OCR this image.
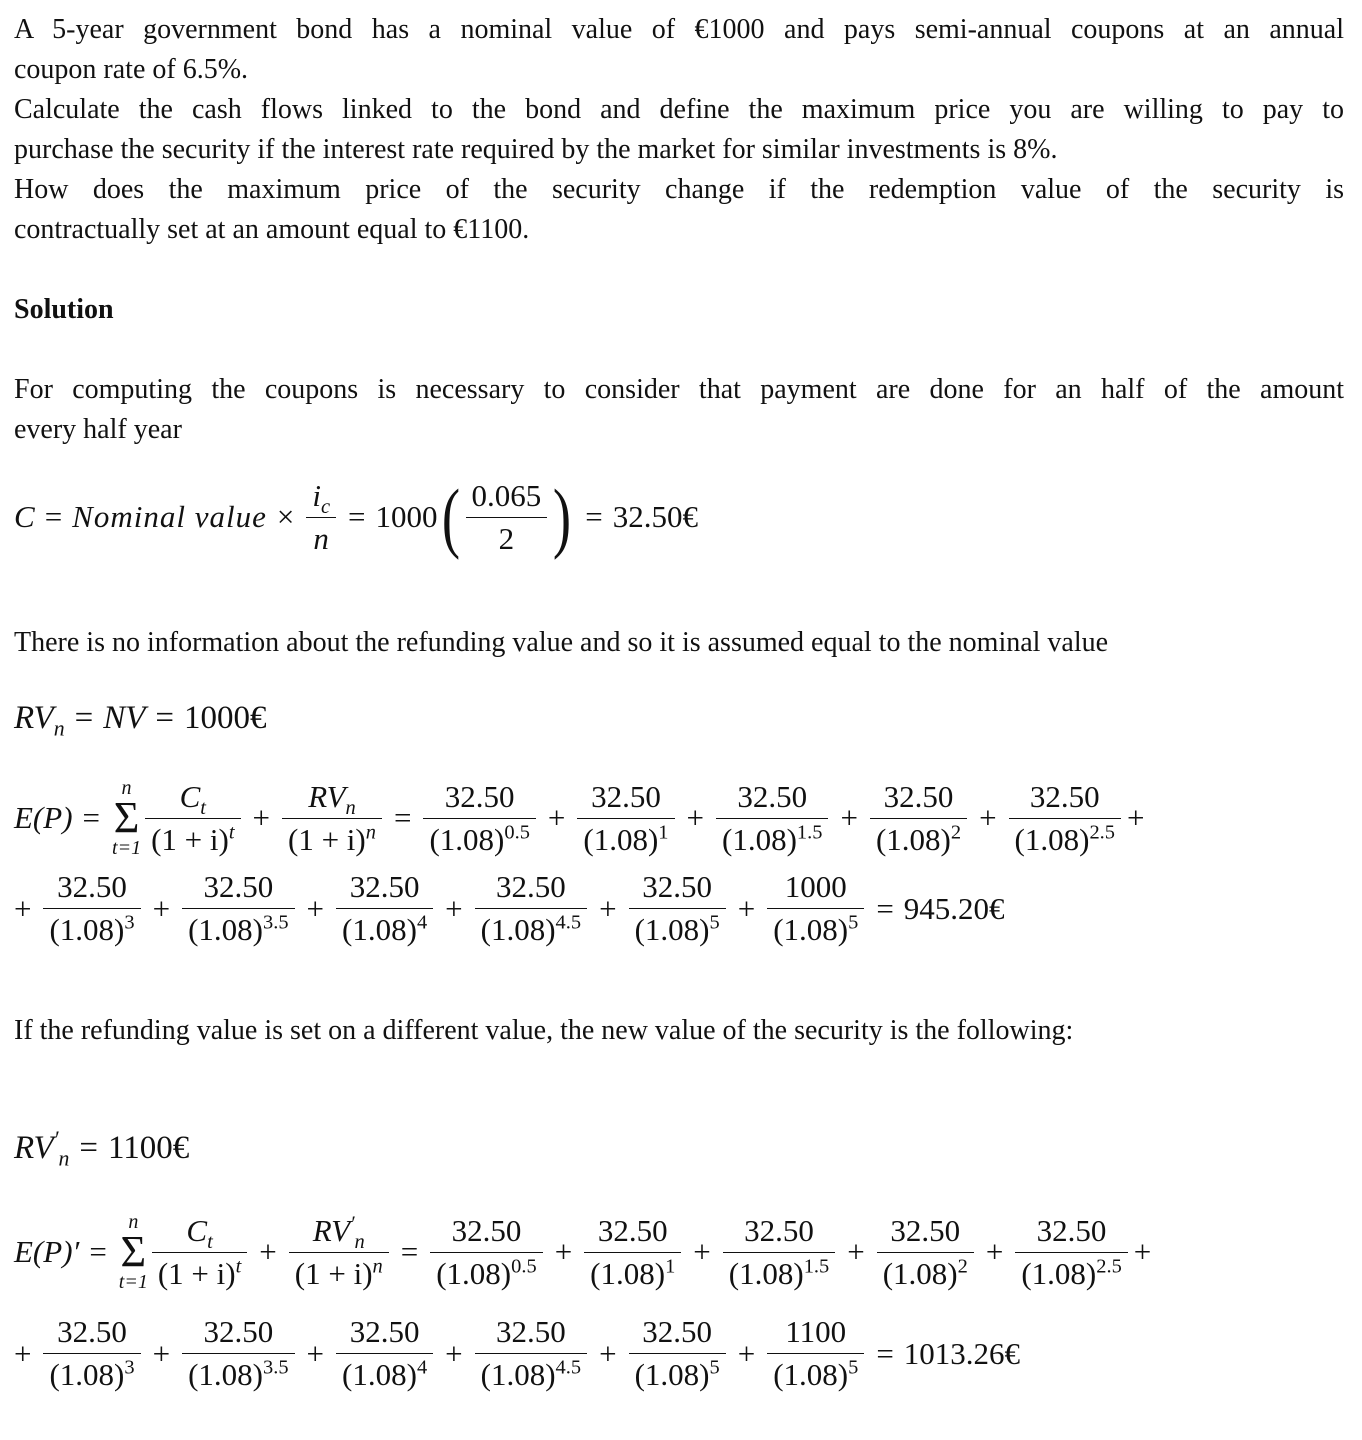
A 5-year government bond has a nominal value of €1000 and pays semi-annual coupons at an annual
coupon rate of 6.5%.
Calculate the cash flows linked to the bond and define the maximum price you are willing to pay to
purchase the security if the interest rate required by the market for similar investments is 8%.
How does the maximum price of the security change if the redemption value of the security is
contractually set at an amount equal to €1100.
Solution
For computing the coupons is necessary to consider that payment are done for an half of the amount
every half year
C = Nominal value × $\frac{i_c}{n} = 1000$ ( $\frac{0.065}{2}$ ) = 32.50€
There is no information about the refunding value and so it is assumed equal to the nominal value
$RV_n$ = NV = 1000€
E(P) =
n
Σ
$t=1 \frac{C_t}{(1 + i)^t} + \frac{RV_n}{(1 + i)^n} = \frac{32.50}{(1.08)^{0.5}} + \frac{32.50}{(1.08)^1} + \frac{32.50}{(1.08)^{1.5}} + \frac{32.50}{(1.08)^2} + \frac{32.50}{(1.08)^{2.5}}$ +
+ $\frac{32.50}{(1.08)^3} + \frac{32.50}{(1.08)^{3.5}} + \frac{32.50}{(1.08)^4} + \frac{32.50}{(1.08)^{4.5}} + \frac{32.50}{(1.08)^5} + \frac{1000}{(1.08)^5}$ = 945.20€
If the refunding value is set on a different value, the new value of the security is the following:
$RV'_n$ = 1100€
E(P)′ =
n
Σ
$t=1 \frac{C_t}{(1 + i)^t} + \frac{RV'_n}{(1 + i)^n} = \frac{32.50}{(1.08)^{0.5}} + \frac{32.50}{(1.08)^1} + \frac{32.50}{(1.08)^{1.5}} + \frac{32.50}{(1.08)^2} + \frac{32.50}{(1.08)^{2.5}}$ +
+ $\frac{32.50}{(1.08)^3} + \frac{32.50}{(1.08)^{3.5}} + \frac{32.50}{(1.08)^4} + \frac{32.50}{(1.08)^{4.5}} + \frac{32.50}{(1.08)^5} + \frac{1100}{(1.08)^5}$ = 1013.26€
